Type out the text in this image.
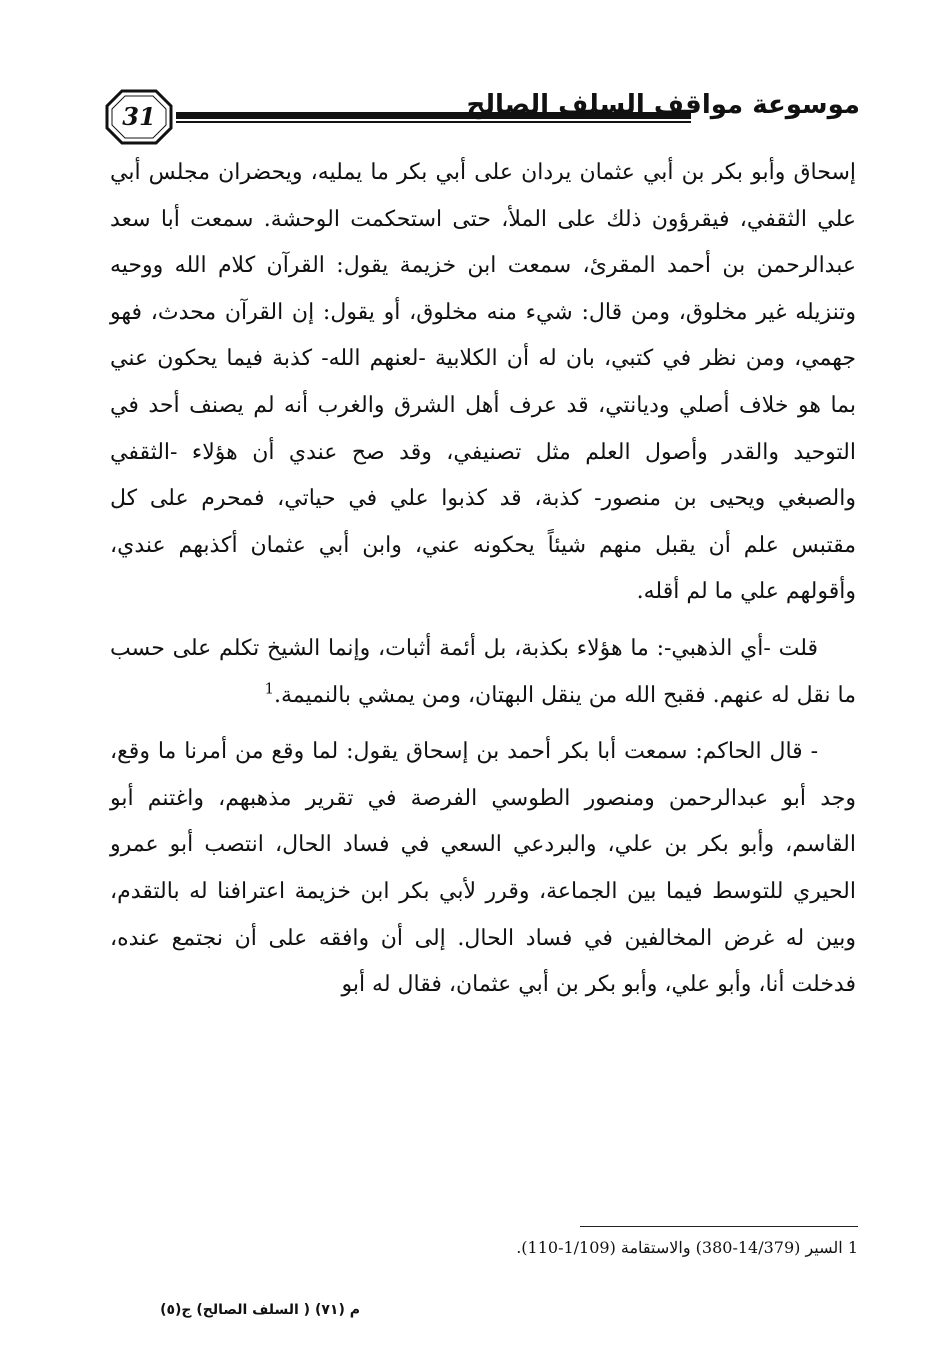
31	موسوعة مواقف السلف الصالح

إسحاق وأبو بكر بن أبي عثمان يردان على أبي بكر ما يمليه، ويحضران مجلس أبي علي الثقفي، فيقرؤون ذلك على الملأ، حتى استحكمت الوحشة. سمعت أبا سعد عبدالرحمن بن أحمد المقرئ، سمعت ابن خزيمة يقول: القرآن كلام الله ووحيه وتنزيله غير مخلوق، ومن قال: شيء منه مخلوق، أو يقول: إن القرآن محدث، فهو جهمي، ومن نظر في كتبي، بان له أن الكلابية -لعنهم الله- كذبة فيما يحكون عني بما هو خلاف أصلي وديانتي، قد عرف أهل الشرق والغرب أنه لم يصنف أحد في التوحيد والقدر وأصول العلم مثل تصنيفي، وقد صح عندي أن هؤلاء -الثقفي والصبغي ويحيى بن منصور- كذبة، قد كذبوا علي في حياتي، فمحرم على كل مقتبس علم أن يقبل منهم شيئاً يحكونه عني، وابن أبي عثمان أكذبهم عندي، وأقولهم علي ما لم أقله.

قلت -أي الذهبي-: ما هؤلاء بكذبة، بل أئمة أثبات، وإنما الشيخ تكلم على حسب ما نقل له عنهم. فقبح الله من ينقل البهتان، ومن يمشي بالنميمة.$^1$

- قال الحاكم: سمعت أبا بكر أحمد بن إسحاق يقول: لما وقع من أمرنا ما وقع، وجد أبو عبدالرحمن ومنصور الطوسي الفرصة في تقرير مذهبهم، واغتنم أبو القاسم، وأبو بكر بن علي، والبردعي السعي في فساد الحال، انتصب أبو عمرو الحيري للتوسط فيما بين الجماعة، وقرر لأبي بكر ابن خزيمة اعترافنا له بالتقدم، وبين له غرض المخالفين في فساد الحال. إلى أن وافقه على أن نجتمع عنده، فدخلت أنا، وأبو علي، وأبو بكر بن أبي عثمان، فقال له أبو

1 السير (14/379-380) والاستقامة (1/109-110).
م (٧١) ( السلف الصالح) ج(٥)
